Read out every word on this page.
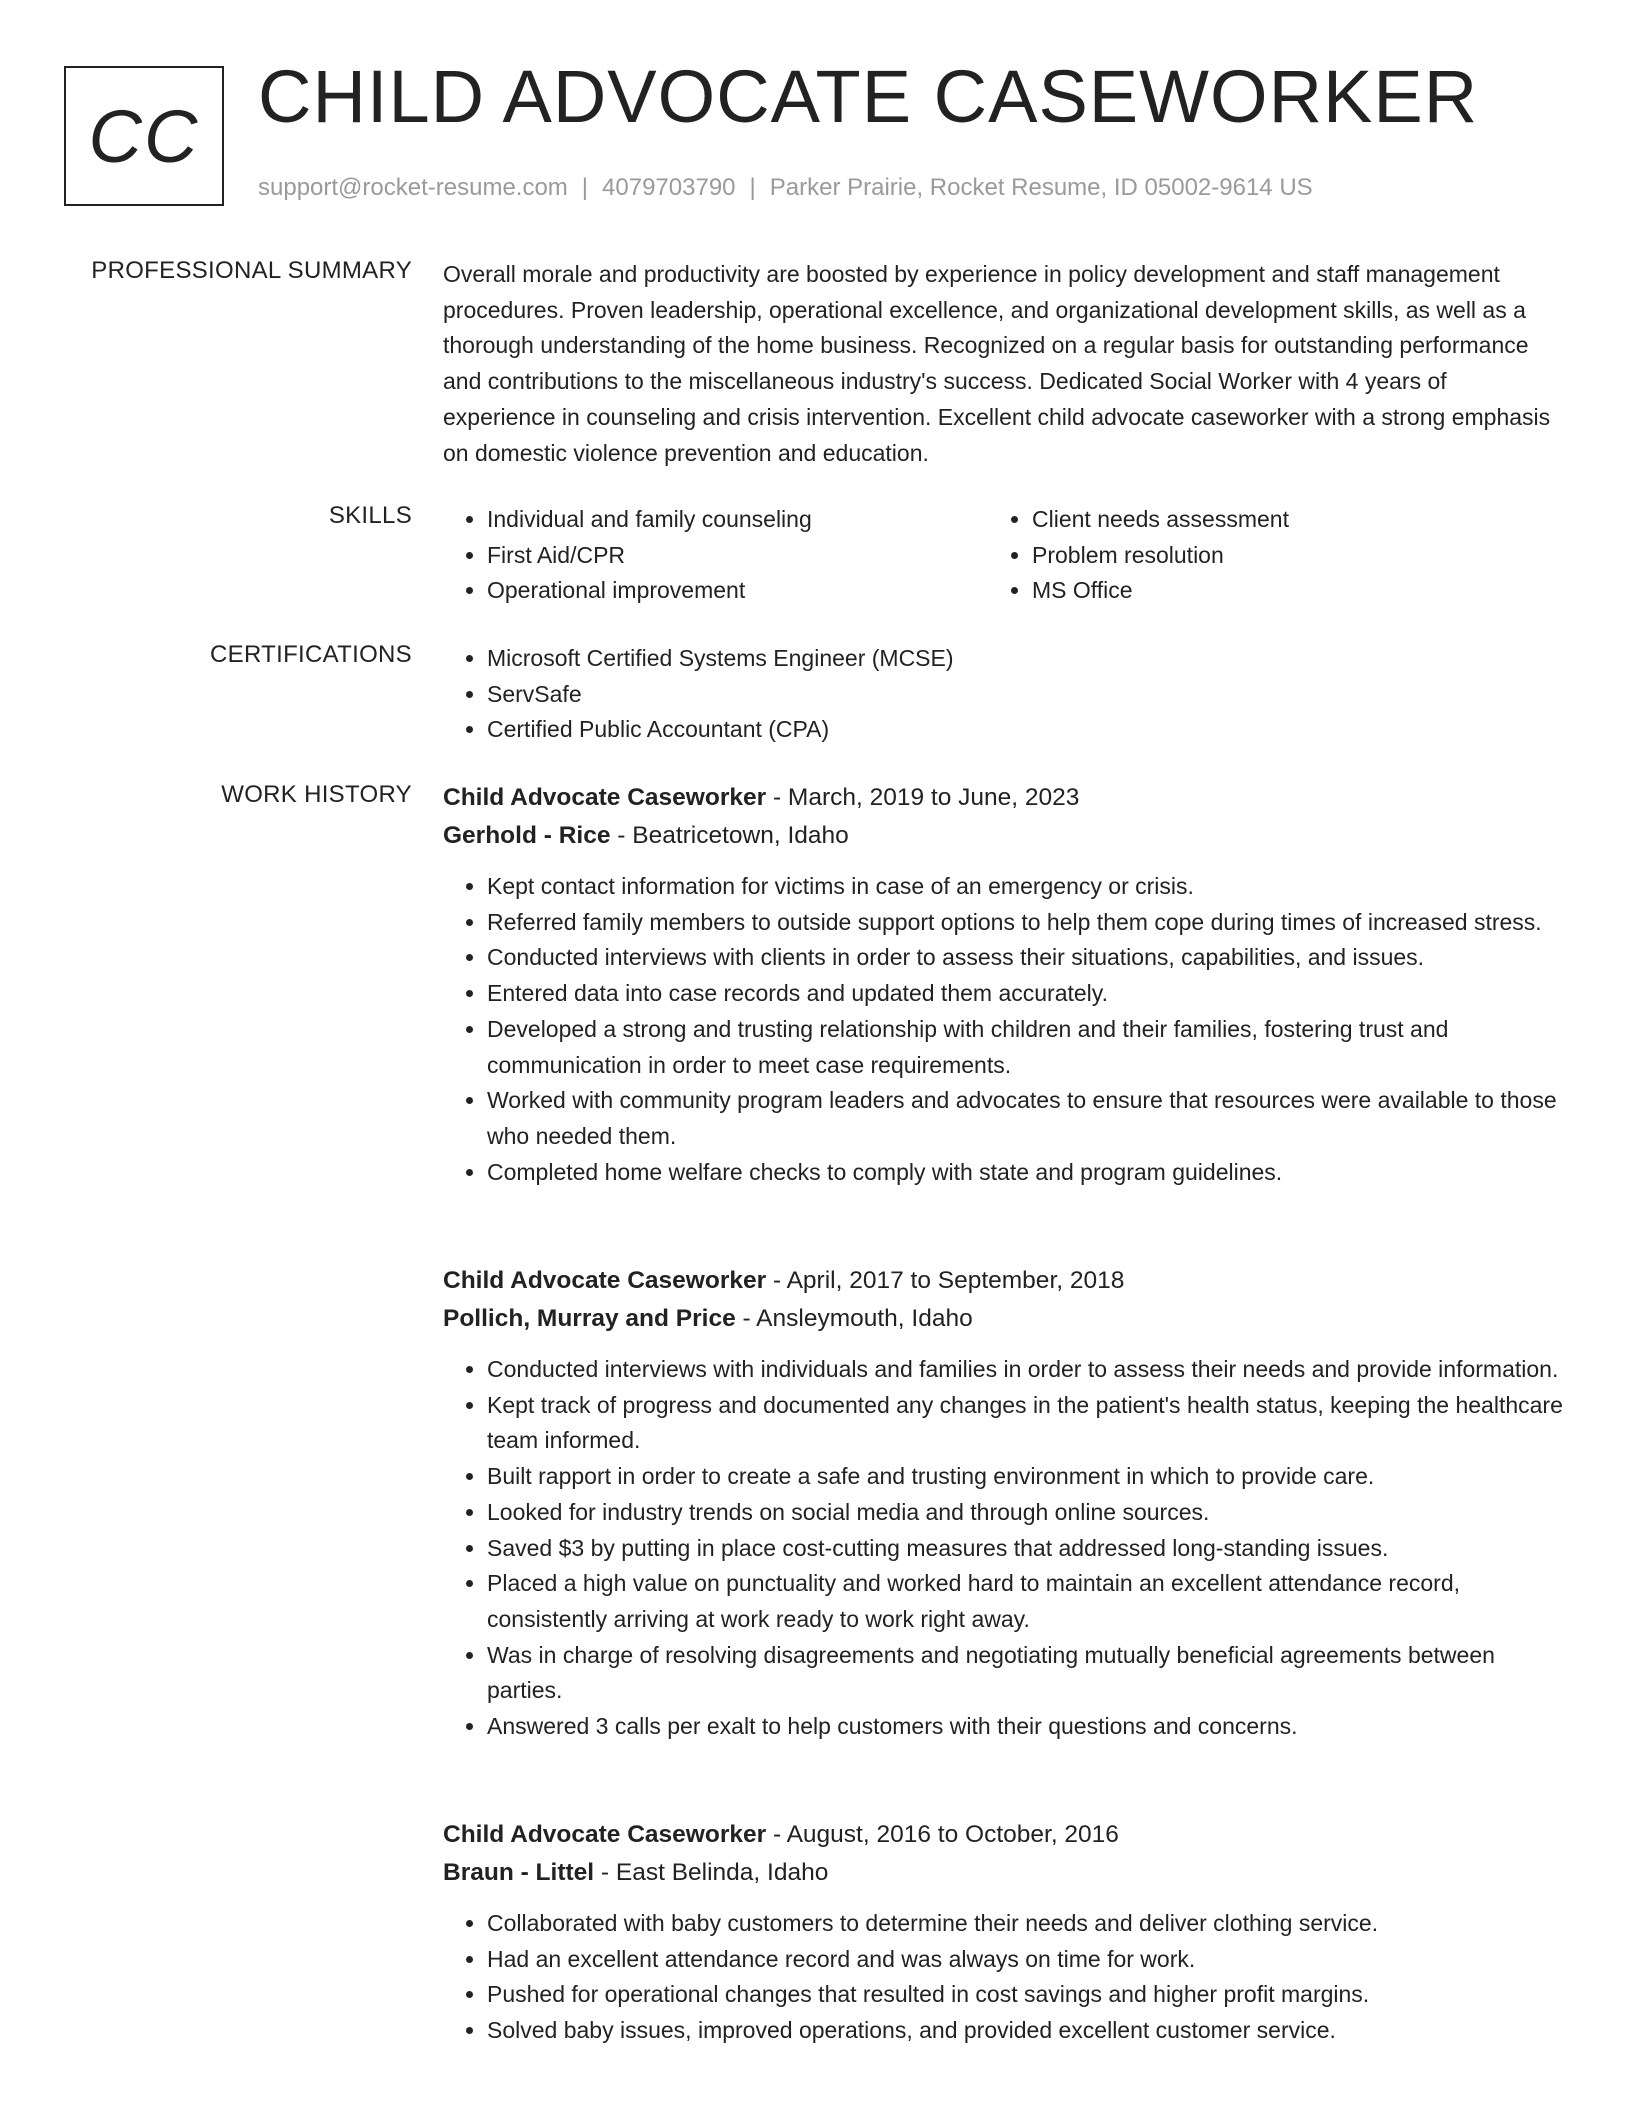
CC CHILD ADVOCATE CASEWORKER
support@rocket-resume.com | 4079703790 | Parker Prairie, Rocket Resume, ID 05002-9614 US
PROFESSIONAL SUMMARY Overall morale and productivity are boosted by experience in policy development and staff management procedures. Proven leadership, operational excellence, and organizational development skills, as well as a thorough understanding of the home business. Recognized on a regular basis for outstanding performance and contributions to the miscellaneous industry's success. Dedicated Social Worker with 4 years of experience in counseling and crisis intervention. Excellent child advocate caseworker with a strong emphasis on domestic violence prevention and education.

SKILLS	• Individual and family counseling
• First Aid/CPR
• Operational improvement
• Client needs assessment
• Problem resolution
• MS Office
CERTIFICATIONS	• Microsoft Certified Systems Engineer (MCSE)
• ServSafe
• Certified Public Accountant (CPA)
WORK HISTORY Child Advocate Caseworker - March, 2019 to June, 2023
Gerhold - Rice - Beatricetown, Idaho
• Kept contact information for victims in case of an emergency or crisis.
• Referred family members to outside support options to help them cope during times of increased stress.
• Conducted interviews with clients in order to assess their situations, capabilities, and issues.
• Entered data into case records and updated them accurately.
• Developed a strong and trusting relationship with children and their families, fostering trust and communication in order to meet case requirements.
• Worked with community program leaders and advocates to ensure that resources were available to those who needed them.
• Completed home welfare checks to comply with state and program guidelines.
Child Advocate Caseworker - April, 2017 to September, 2018
Pollich, Murray and Price - Ansleymouth, Idaho
• Conducted interviews with individuals and families in order to assess their needs and provide information.
• Kept track of progress and documented any changes in the patient's health status, keeping the healthcare team informed.
• Built rapport in order to create a safe and trusting environment in which to provide care.
• Looked for industry trends on social media and through online sources.
• Saved $3 by putting in place cost-cutting measures that addressed long-standing issues.
• Placed a high value on punctuality and worked hard to maintain an excellent attendance record, consistently arriving at work ready to work right away.
• Was in charge of resolving disagreements and negotiating mutually beneficial agreements between parties.
• Answered 3 calls per exalt to help customers with their questions and concerns.
Child Advocate Caseworker - August, 2016 to October, 2016
Braun - Littel - East Belinda, Idaho
• Collaborated with baby customers to determine their needs and deliver clothing service.
• Had an excellent attendance record and was always on time for work.
• Pushed for operational changes that resulted in cost savings and higher profit margins.
• Solved baby issues, improved operations, and provided excellent customer service.
